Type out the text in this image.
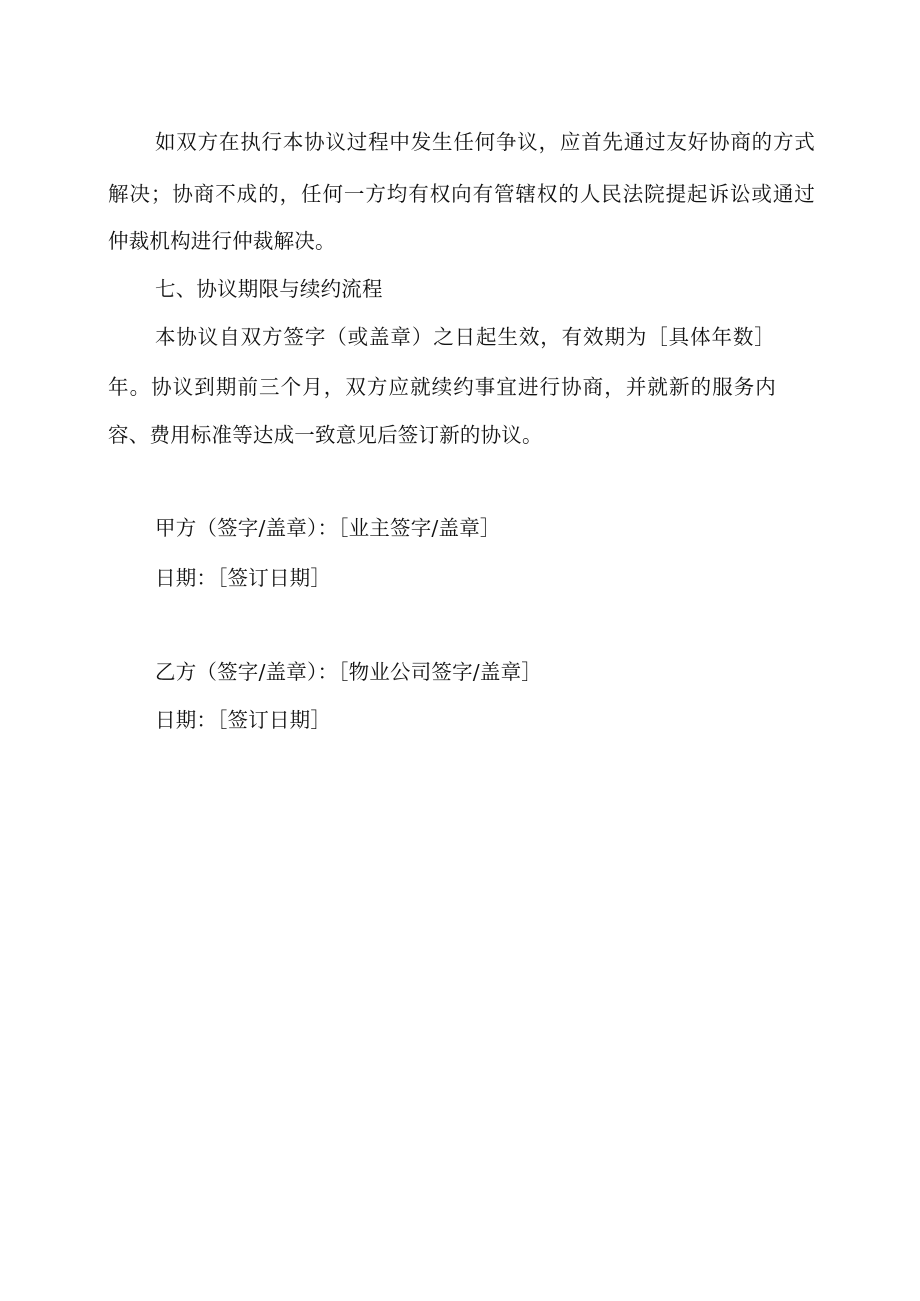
如双方在执行本协议过程中发生任何争议，应首先通过友好协商的方式
解决；协商不成的，任何一方均有权向有管辖权的人民法院提起诉讼或通过
仲裁机构进行仲裁解决。
七、协议期限与续约流程
本协议自双方签字（或盖章）之日起生效，有效期为［具体年数］
年。协议到期前三个月，双方应就续约事宜进行协商，并就新的服务内
容、费用标准等达成一致意见后签订新的协议。
甲方（签字/盖章）：［业主签字/盖章］
日期：［签订日期］
乙方（签字/盖章）：［物业公司签字/盖章］
日期：［签订日期］
